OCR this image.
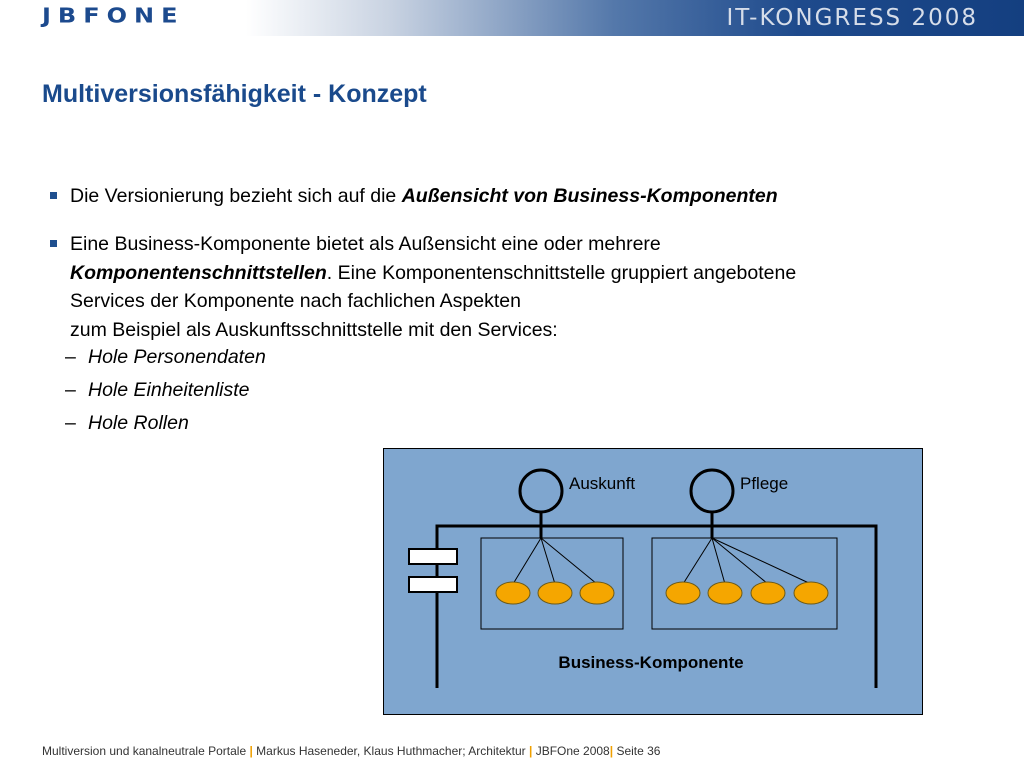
JBFONE	IT-KONGRESS 2008
Multiversionsfähigkeit - Konzept
Die Versionierung bezieht sich auf die Außensicht von Business-Komponenten
Eine Business-Komponente bietet als Außensicht eine oder mehrere
Komponentenschnittstellen. Eine Komponentenschnittstelle gruppiert angebotene
Services der Komponente nach fachlichen Aspekten
zum Beispiel als Auskunftsschnittstelle mit den Services:
– Hole Personendaten
– Hole Einheitenliste
– Hole Rollen
Auskunft	Pflege
Business-Komponente
Multiversion und kanalneutrale Portale | Markus Haseneder, Klaus Huthmacher; Architektur | JBFOne 2008| Seite 36
